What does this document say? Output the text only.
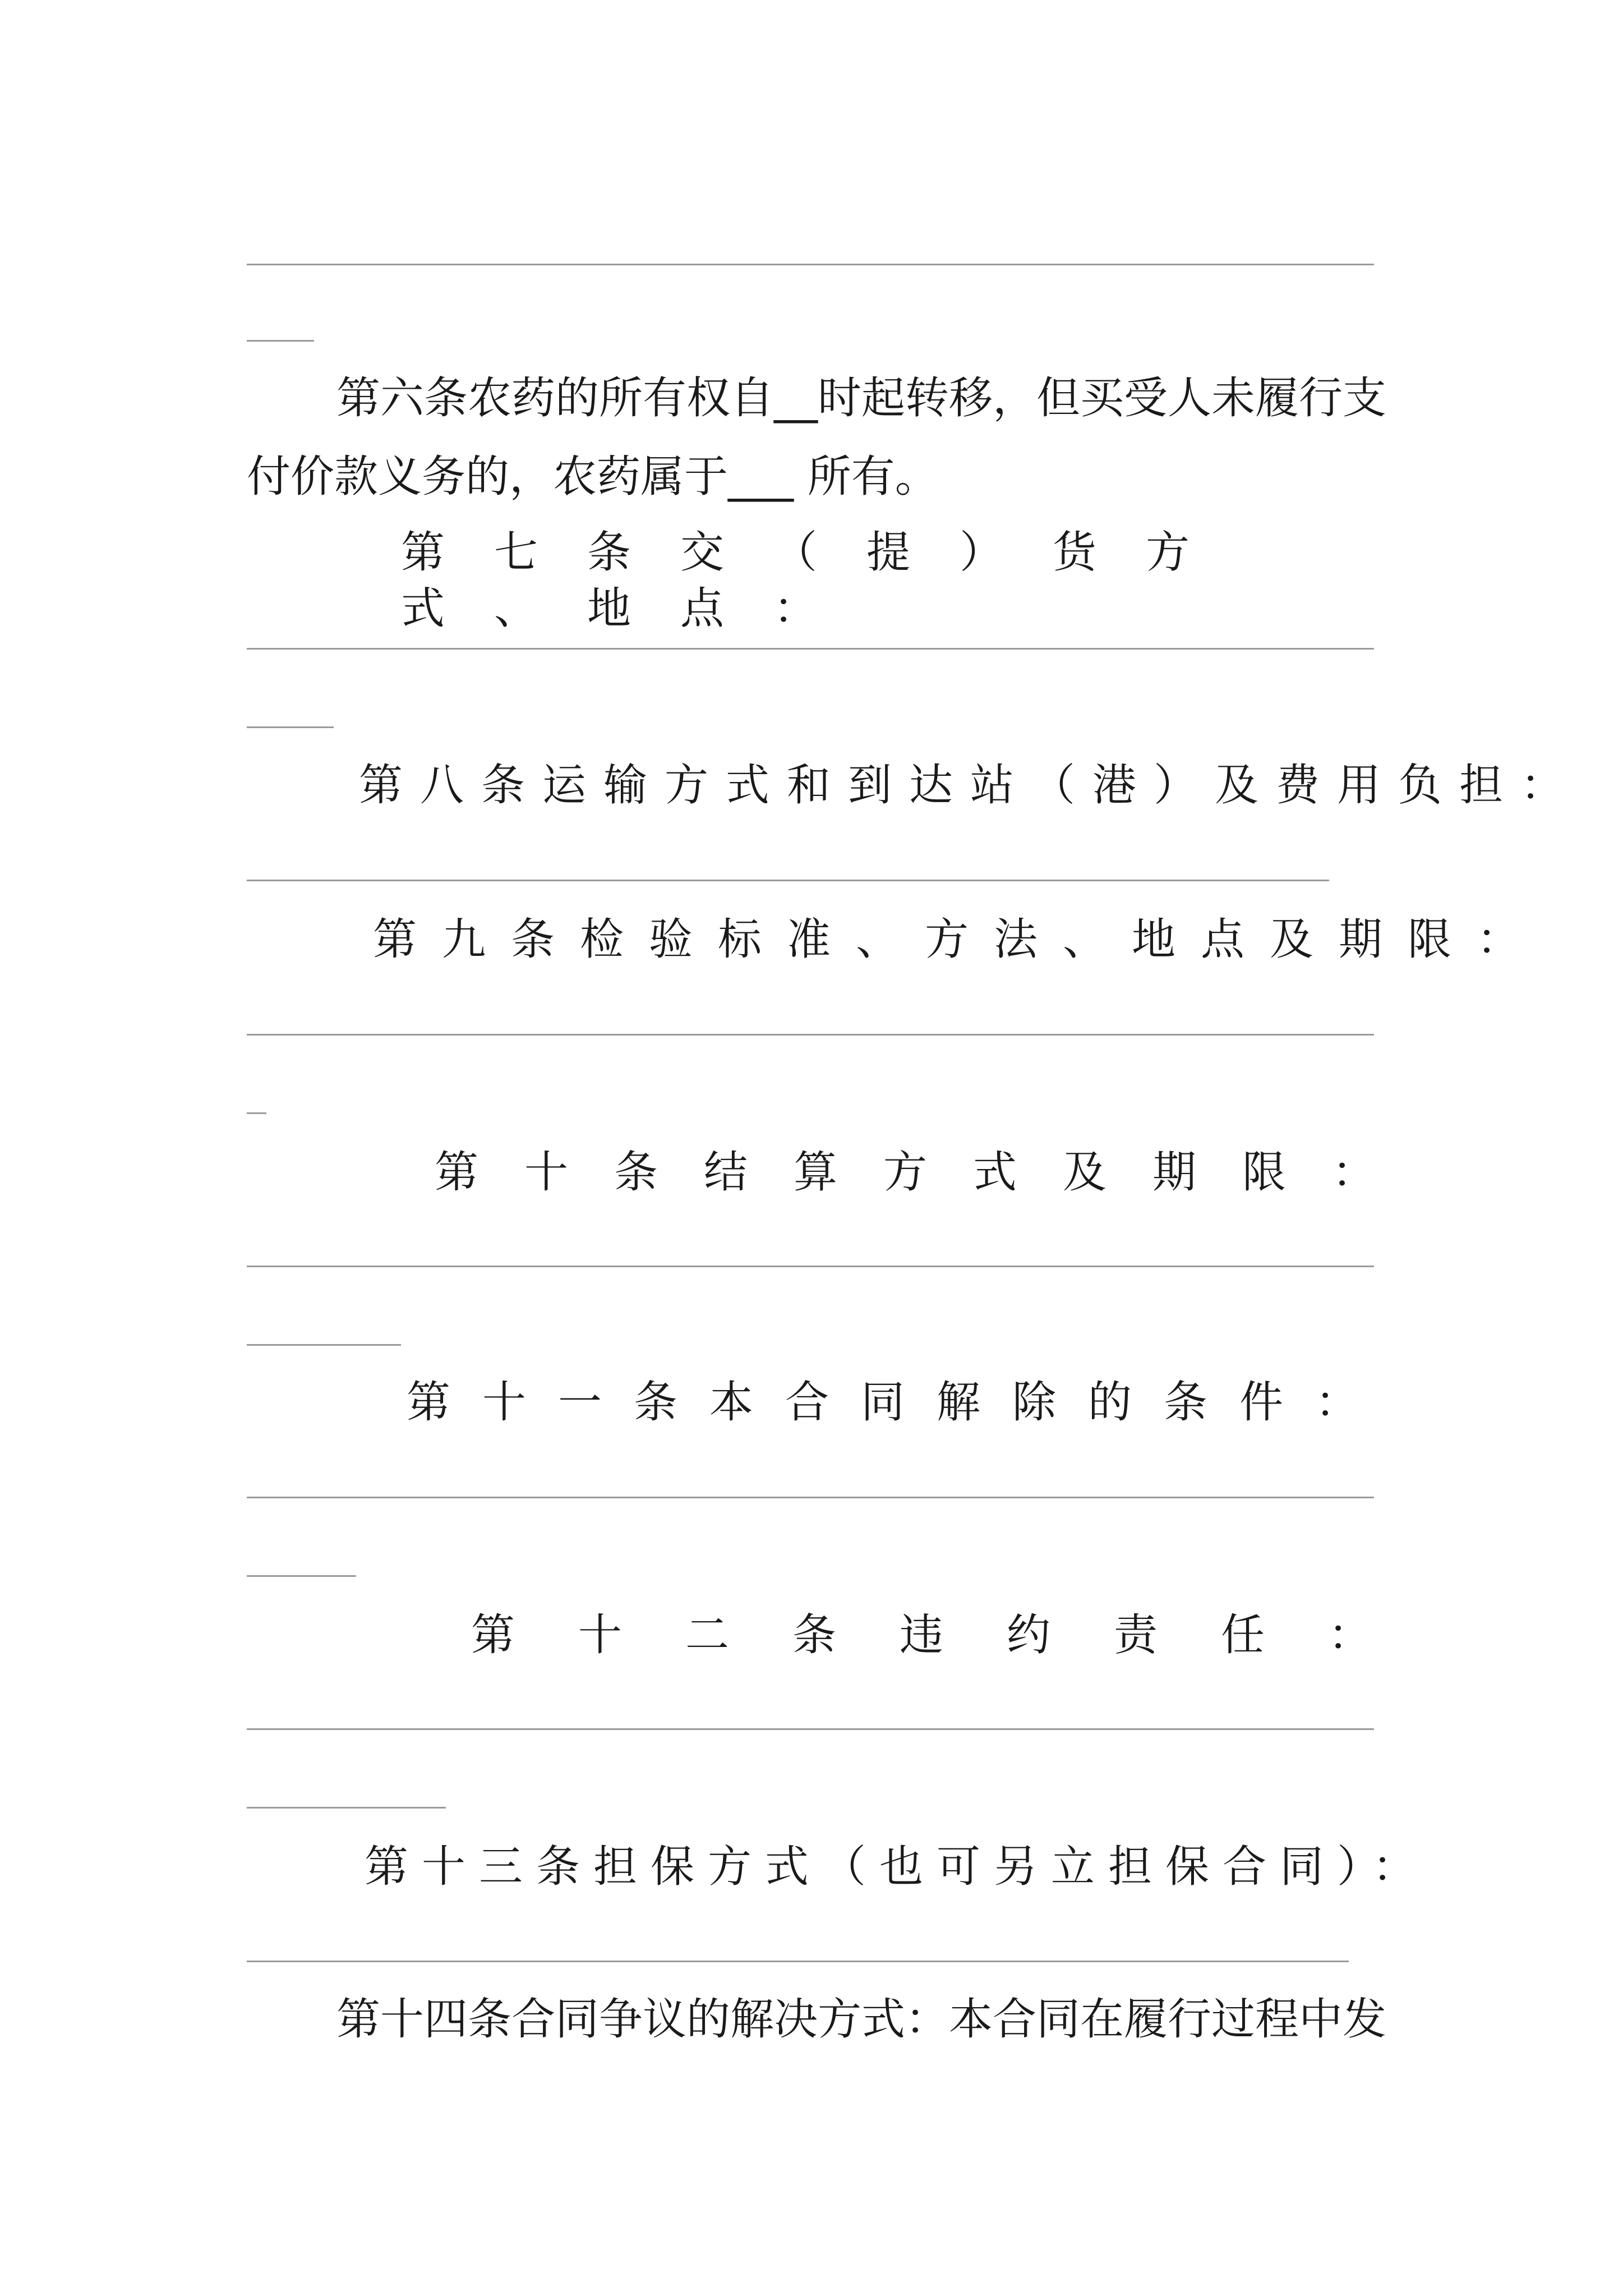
第六条农药的所有权自__时起转移，但买受人未履行支

付价款义务的，农药属于___ 所有。

第七条交（提）货方式、地点：
第八条运输方式和到达站（港）及费用负担：
第九条检验标准、方法、地点及期限：
第十条结算方式及期限：
第十一条本合同解除的条件：
第十二条违约责任：
第十三条担保方式（也可另立担保合同）：

第十四条合同争议的解决方式：本合同在履行过程中发
